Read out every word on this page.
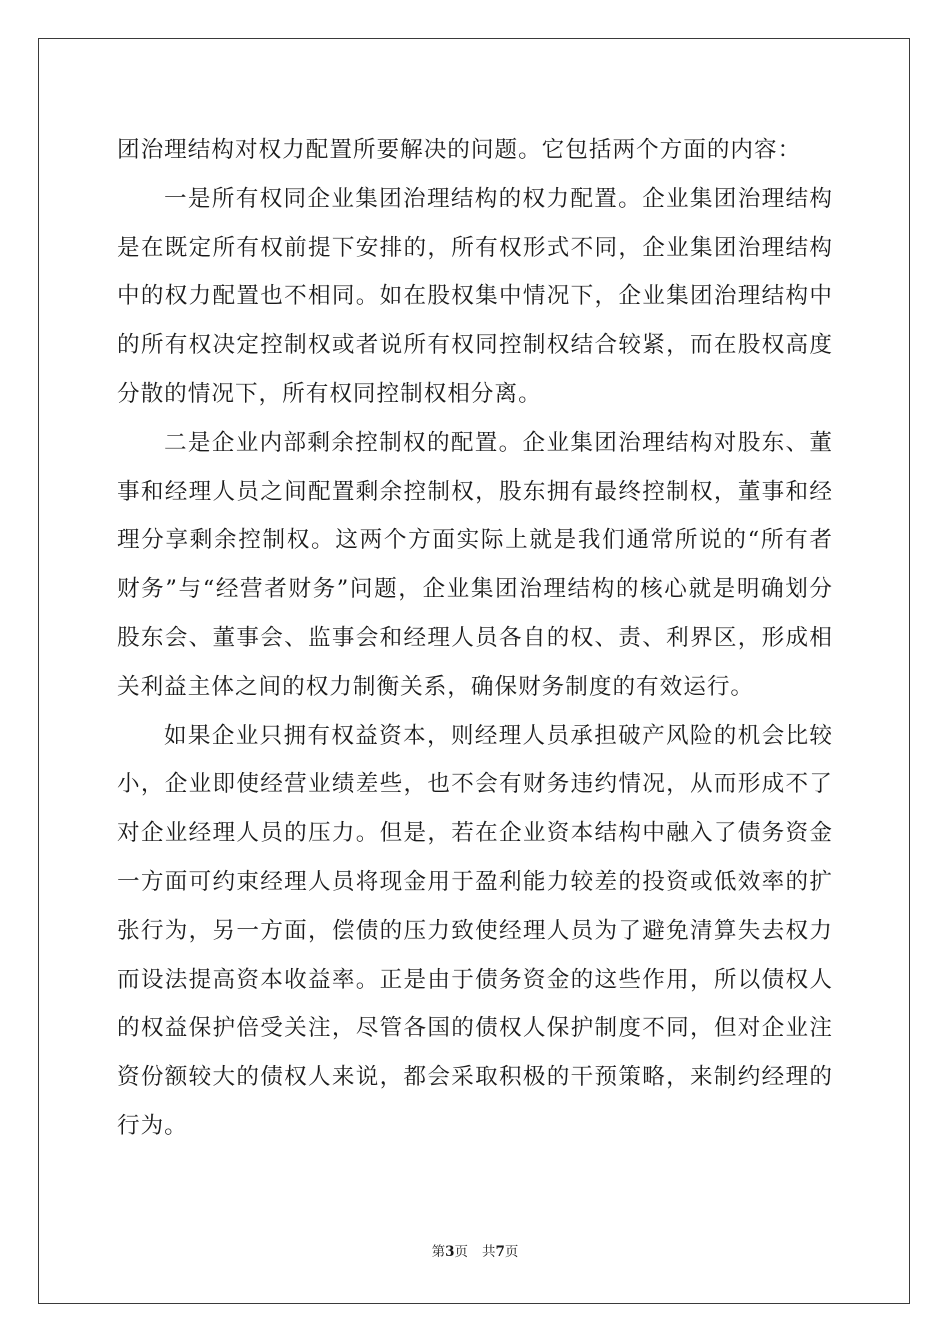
团治理结构对权力配置所要解决的问题。它包括两个方面的内容：

一是所有权同企业集团治理结构的权力配置。企业集团治理结构是在既定所有权前提下安排的，所有权形式不同，企业集团治理结构中的权力配置也不相同。如在股权集中情况下，企业集团治理结构中的所有权决定控制权或者说所有权同控制权结合较紧，而在股权高度分散的情况下，所有权同控制权相分离。

二是企业内部剩余控制权的配置。企业集团治理结构对股东、董事和经理人员之间配置剩余控制权，股东拥有最终控制权，董事和经理分享剩余控制权。这两个方面实际上就是我们通常所说的“所有者财务”与“经营者财务”问题，企业集团治理结构的核心就是明确划分股东会、董事会、监事会和经理人员各自的权、责、利界区，形成相关利益主体之间的权力制衡关系，确保财务制度的有效运行。

如果企业只拥有权益资本，则经理人员承担破产风险的机会比较小，企业即使经营业绩差些，也不会有财务违约情况，从而形成不了对企业经理人员的压力。但是，若在企业资本结构中融入了债务资金一方面可约束经理人员将现金用于盈利能力较差的投资或低效率的扩张行为，另一方面，偿债的压力致使经理人员为了避免清算失去权力而设法提高资本收益率。正是由于债务资金的这些作用，所以债权人的权益保护倍受关注，尽管各国的债权人保护制度不同，但对企业注资份额较大的债权人来说，都会采取积极的干预策略，来制约经理的行为。

第3页 共7页
